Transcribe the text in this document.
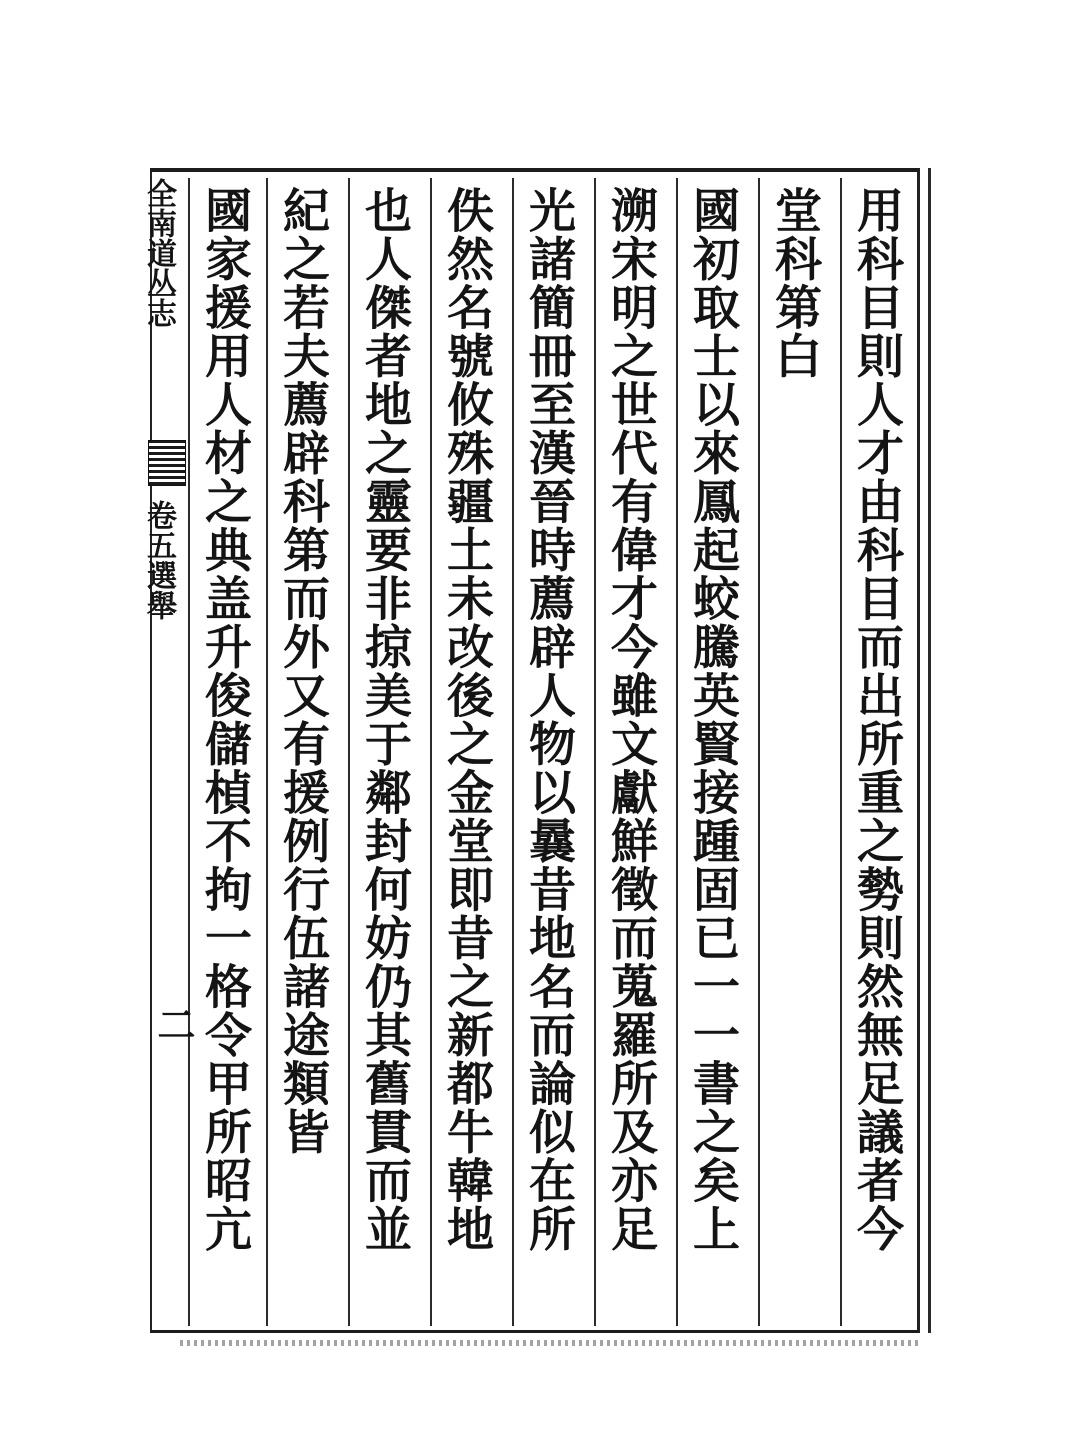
用科目則人才由科目而出所重之勢則然無足議者今
堂科第白
國初取士以來鳳起蛟騰英賢接踵固已一一書之矣上
溯宋明之世代有偉才今雖文獻鮮徵而蒐羅所及亦足
光諸簡冊至漢晉時薦辟人物以曩昔地名而論似在所
佚然名號攸殊疆土未改後之金堂即昔之新都牛韓地
也人傑者地之靈要非掠美于鄰封何妨仍其舊貫而並
紀之若夫薦辟科第而外又有援例行伍諸途類皆
國家援用人材之典盖升俊儲楨不拘一格令甲所昭亢
全南道丛志
卷五選舉
二
